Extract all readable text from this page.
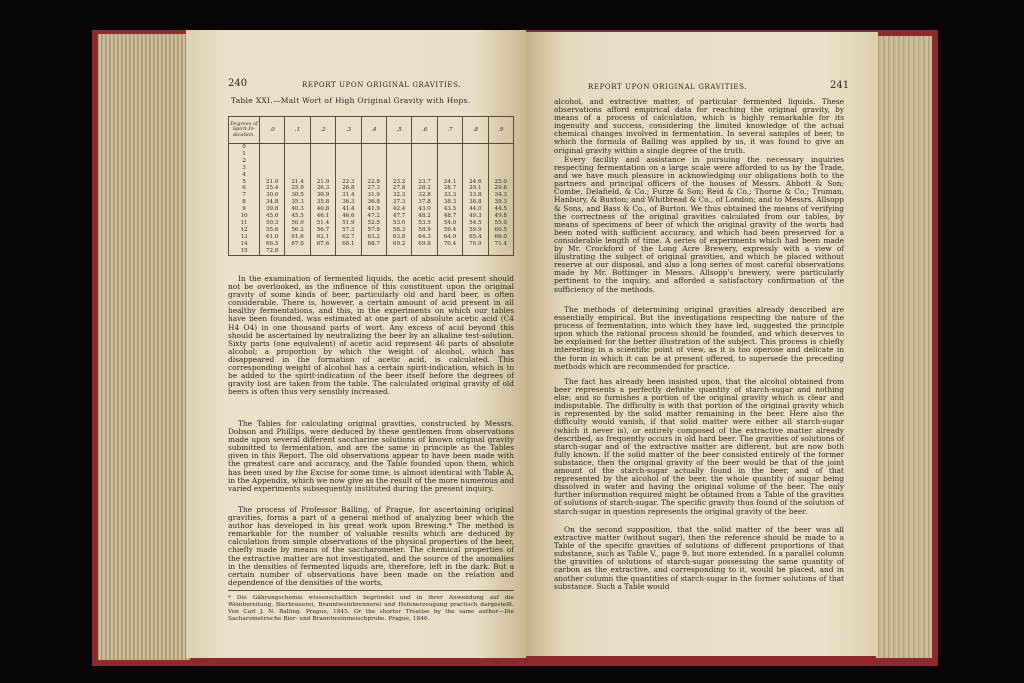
240	REPORT UPON ORIGINAL GRAVITIES.
Table XXI.—Malt Wort of High Original Gravity with Hops.
Degrees of Spirit-In-dication.	.0	.1	.2	.3	.4	.5	.6	.7	.8	.9
0										
1										
2										
3										
4										
5	21.0	21.4	21.9	22.3	22.8	23.2	23.7	24.1	24.6	25.0
6	25.4	25.9	26.3	26.8	27.3	27.8	28.2	28.7	29.1	29.6
7	30.0	30.5	30.9	31.4	31.9	32.3	32.8	33.3	33.8	34.3
8	34.8	35.3	35.8	36.3	36.8	37.3	37.8	38.3	38.8	39.3
9	39.8	40.3	40.8	41.4	41.9	42.4	43.0	43.5	44.0	44.5
10	45.0	45.5	46.1	46.6	47.2	47.7	48.2	48.7	49.3	49.8
11	50.3	50.9	51.4	51.9	52.5	53.0	53.5	54.0	54.5	55.0
12	55.6	56.2	56.7	57.3	57.8	58.3	58.9	59.4	59.9	60.5
13	61.0	61.6	62.1	62.7	63.2	63.8	64.3	64.9	65.4	66.0
14	66.5	67.0	67.6	68.1	68.7	69.2	69.8	70.4	70.9	71.4
15	72.0									

In the examination of fermented liquids, the acetic acid present should not be overlooked, as the influence of this constituent upon the original gravity of some kinds of beer, particularly old and hard beer, is often considerable. There is, however, a certain amount of acid present in all healthy fermentations, and this, in the experiments on which our tables have been founded, was estimated at one part of absolute acetic acid (C4 H4 O4) in one thousand parts of wort. Any excess of acid beyond this should be ascertained by neutralizing the beer by an alkaline test-solution. Sixty parts (one equivalent) of acetic acid represent 46 parts of absolute alcohol; a proportion by which the weight of alcohol, which has disappeared in the formation of acetic acid, is calculated. This corresponding weight of alcohol has a certain spirit-indication, which is to be added to the spirit-indication of the beer itself before the degrees of gravity lost are taken from the table. The calculated original gravity of old beers is often thus very sensibly increased.

The Tables for calculating original gravities, constructed by Messrs. Dobson and Phillips, were deduced by these gentlemen from observations made upon several different saccharine solutions of known original gravity submitted to fermentation, and are the same in principle as the Tables given in this Report. The old observations appear to have been made with the greatest care and accuracy, and the Table founded upon them, which has been used by the Excise for some time, is almost identical with Table A, in the Appendix, which we now give as the result of the more numerous and varied experiments subsequently instituted during the present inquiry.

The process of Professor Balling, of Prague, for ascertaining original gravities, forms a part of a general method of analyzing beer which the author has developed in his great work upon Brewing.* The method is remarkable for the number of valuable results which are deduced by calculation from simple observations of the physical properties of the beer, chiefly made by means of the saccharometer. The chemical properties of the extractive matter are not investigated, and the source of the anomalies in the densities of fermented liquids are, therefore, left in the dark. But a certain number of observations have been made on the relation and dependence of the densities of the worts,

* Die Gährungschemie wissenschaftlich begründet und in ihrer Anwendung auf die Weinbereitung, Bierbrauerei, Branntweinbrennerei und Hefenerzeugung practisch dargestellt. Von Carl J. N. Balling. Prague, 1845. Or the shorter Treatise by the same author—Die Sacharometrische Bier- und Branntweinmeischprobe. Prague, 1846.

REPORT UPON ORIGINAL GRAVITIES.	241

alcohol, and extractive matter, of particular fermented liquids. These observations afford empirical data for reaching the original gravity, by means of a process of calculation, which is highly remarkable for its ingenuity and success, considering the limited knowledge of the actual chemical changes involved in fermentation. In several samples of beer, to which the formula of Balling was applied by us, it was found to give an original gravity within a single degree of the truth.

Every facility and assistance in pursuing the necessary inquiries respecting fermentation on a large scale were afforded to us by the Trade, and we have much pleasure in acknowledging our obligations both to the partners and principal officers of the houses of Messrs. Abbott & Son; Combe, Delafield, & Co.; Furze & Son; Reid & Co.; Thorne & Co.; Truman, Hanbury, & Buxton; and Whitbread & Co., of London; and to Messrs. Allsopp & Sons, and Bass & Co., of Burton. We thus obtained the means of verifying the correctness of the original gravities calculated from our tables, by means of specimens of beer of which the original gravity of the worts had been noted with sufficient accuracy, and which had been preserved for a considerable length of time. A series of experiments which had been made by Mr. Crockford of the Long Acre Brewery, expressly with a view of illustrating the subject of original gravities, and which he placed without reserve at our disposal, and also a long series of most careful observations made by Mr. Bottinger in Messrs. Allsopp's brewery, were particularly pertinent to the inquiry, and afforded a satisfactory confirmation of the sufficiency of the methods.

The methods of determining original gravities already described are essentially empirical. But the investigations respecting the nature of the process of fermentation, into which they have led, suggested the principle upon which the rational process should be founded, and which deserves to be explained for the better illustration of the subject. This process is chiefly interesting in a scientific point of view, as it is too operose and delicate in the form in which it can be at present offered, to supersede the preceding methods which are recommended for practice.

The fact has already been insisted upon, that the alcohol obtained from beer represents a perfectly definite quantity of starch-sugar and nothing else; and so furnishes a portion of the original gravity which is clear and indisputable. The difficulty is with that portion of the original gravity which is represented by the solid matter remaining in the beer. Here also the difficulty would vanish, if that solid matter were either all starch-sugar (which it never is), or entirely composed of the extractive matter already described, as frequently occurs in old hard beer. The gravities of solutions of starch-sugar and of the extractive matter are different, but are now both fully known. If the solid matter of the beer consisted entirely of the former substance, then the original gravity of the beer would be that of the joint amount of the starch-sugar actually found in the beer, and of that represented by the alcohol of the beer, the whole quantity of sugar being dissolved in water and having the original volume of the beer. The only further information required might be obtained from a Table of the gravities of solutions of starch-sugar. The specific gravity thus found of the solution of starch-sugar in question represents the original gravity of the beer.

On the second supposition, that the solid matter of the beer was all extractive matter (without sugar), then the reference should be made to a Table of the specific gravities of solutions of different proportions of that substance, such as Table V., page 9, but more extended. In a parallel column the gravities of solutions of starch-sugar possessing the same quantity of carbon as the extractive, and corresponding to it, would be placed, and in another column the quantities of starch-sugar in the former solutions of that substance. Such a Table would
